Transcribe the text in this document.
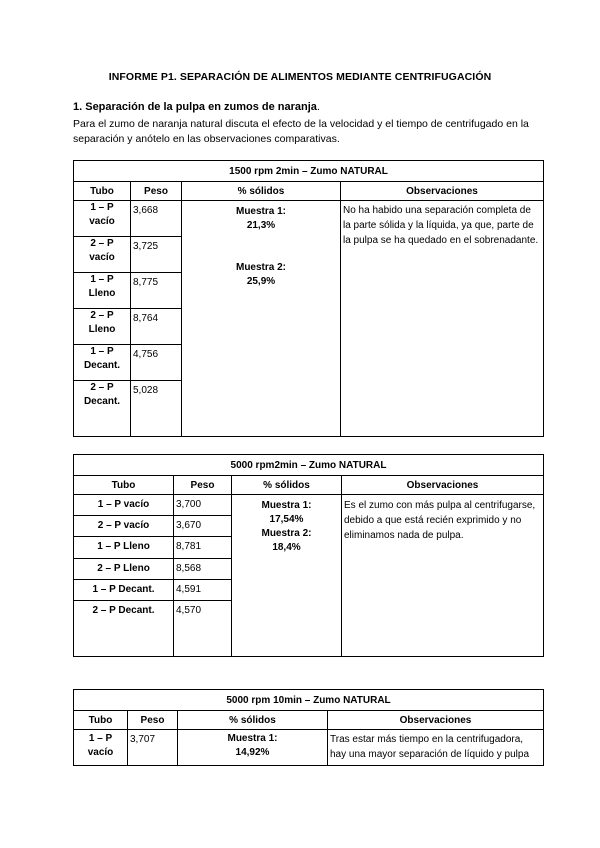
INFORME P1. SEPARACIÓN DE ALIMENTOS MEDIANTE CENTRIFUGACIÓN
1. Separación de la pulpa en zumos de naranja.
Para el zumo de naranja natural discuta el efecto de la velocidad y el tiempo de centrifugado en la separación y anótelo en las observaciones comparativas.
1500 rpm 2min – Zumo NATURAL			
Tubo	Peso	% sólidos	Observaciones

1 – P
vacío	3,668	Muestra 1:
21,3%
Muestra 2:
25,9%	No ha habido una separación completa de la parte sólida y la líquida, ya que, parte de la pulpa se ha quedado en el sobrenadante.

2 – P
vacío	3,725		

1 – P
Lleno	8,775		

2 – P
Lleno	8,764		

1 – P
Decant.	4,756		

2 – P
Decant.	5,028		
5000 rpm2min – Zumo NATURAL			
Tubo	Peso	% sólidos	Observaciones
1 – P vacío	3,700	Muestra 1:
17,54%
Muestra 2:
18,4%	Es el zumo con más pulpa al centrifugarse, debido a que está recién exprimido y no eliminamos nada de pulpa.
2 – P vacío	3,670		
1 – P Lleno	8,781		
2 – P Lleno	8,568		
1 – P Decant.	4,591		
2 – P Decant.	4,570		
5000 rpm 10min – Zumo NATURAL			
Tubo	Peso	% sólidos	Observaciones

1 – P
vacío	3,707	Muestra 1:
14,92%	Tras estar más tiempo en la centrifugadora, hay una mayor separación de líquido y pulpa
